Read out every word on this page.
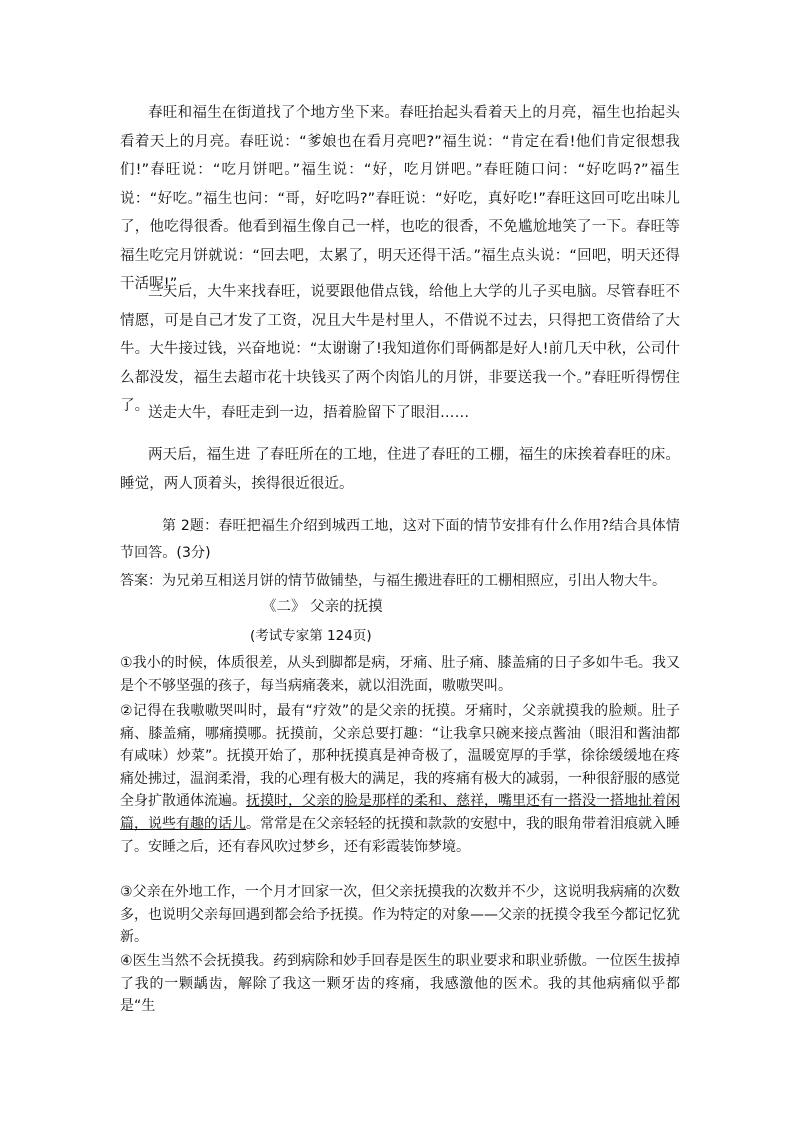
春旺和福生在街道找了个地方坐下来。春旺抬起头看着天上的月亮，福生也抬起头看着天上的月亮。春旺说：“爹娘也在看月亮吧?”福生说：“肯定在看!他们肯定很想我们!”春旺说：“吃月饼吧。”福生说：“好，吃月饼吧。”春旺随口问：“好吃吗?”福生说：“好吃。”福生也问：“哥，好吃吗?”春旺说：“好吃，真好吃!”春旺这回可吃出味儿了，他吃得很香。他看到福生像自己一样，也吃的很香，不免尴尬地笑了一下。春旺等福生吃完月饼就说：“回去吧，太累了，明天还得干活。”福生点头说：“回吧，明天还得干活呢!”

三天后，大牛来找春旺，说要跟他借点钱，给他上大学的儿子买电脑。尽管春旺不情愿，可是自己才发了工资，况且大牛是村里人，不借说不过去，只得把工资借给了大牛。大牛接过钱，兴奋地说：“太谢谢了!我知道你们哥俩都是好人!前几天中秋，公司什么都没发，福生去超市花十块钱买了两个肉馅儿的月饼，非要送我一个。”春旺听得愣住了。

送走大牛，春旺走到一边，捂着脸留下了眼泪……

两天后，福生进 了春旺所在的工地，住进了春旺的工棚，福生的床挨着春旺的床。睡觉，两人顶着头，挨得很近很近。

第 2题：春旺把福生介绍到城西工地，这对下面的情节安排有什么作用?结合具体情节回答。(3分)

答案：为兄弟互相送月饼的情节做铺垫，与福生搬进春旺的工棚相照应，引出人物大牛。

《二》 父亲的抚摸

(考试专家第 124页)

①我小的时候，体质很差，从头到脚都是病，牙痛、肚子痛、膝盖痛的日子多如牛毛。我又是个不够坚强的孩子，每当病痛袭来，就以泪洗面，嗷嗷哭叫。

②记得在我嗷嗷哭叫时，最有“疗效”的是父亲的抚摸。牙痛时，父亲就摸我的脸颊。肚子痛、膝盖痛，哪痛摸哪。抚摸前，父亲总要打趣：“让我拿只碗来接点酱油（眼泪和酱油都有咸味）炒菜”。抚摸开始了，那种抚摸真是神奇极了，温暖宽厚的手掌，徐徐缓缓地在疼痛处拂过，温润柔滑，我的心理有极大的满足，我的疼痛有极大的减弱，一种很舒服的感觉全身扩散通体流遍。抚摸时，父亲的脸是那样的柔和、慈祥，嘴里还有一搭没一搭地扯着闲篇，说些有趣的话儿。常常是在父亲轻轻的抚摸和款款的安慰中，我的眼角带着泪痕就入睡了。安睡之后，还有春风吹过梦乡，还有彩霞装饰梦境。

③父亲在外地工作，一个月才回家一次，但父亲抚摸我的次数并不少，这说明我病痛的次数多，也说明父亲每回遇到都会给予抚摸。作为特定的对象——父亲的抚摸令我至今都记忆犹新。

④医生当然不会抚摸我。药到病除和妙手回春是医生的职业要求和职业骄傲。一位医生拔掉了我的一颗龋齿，解除了我这一颗牙齿的疼痛，我感激他的医术。我的其他病痛似乎都是“生
